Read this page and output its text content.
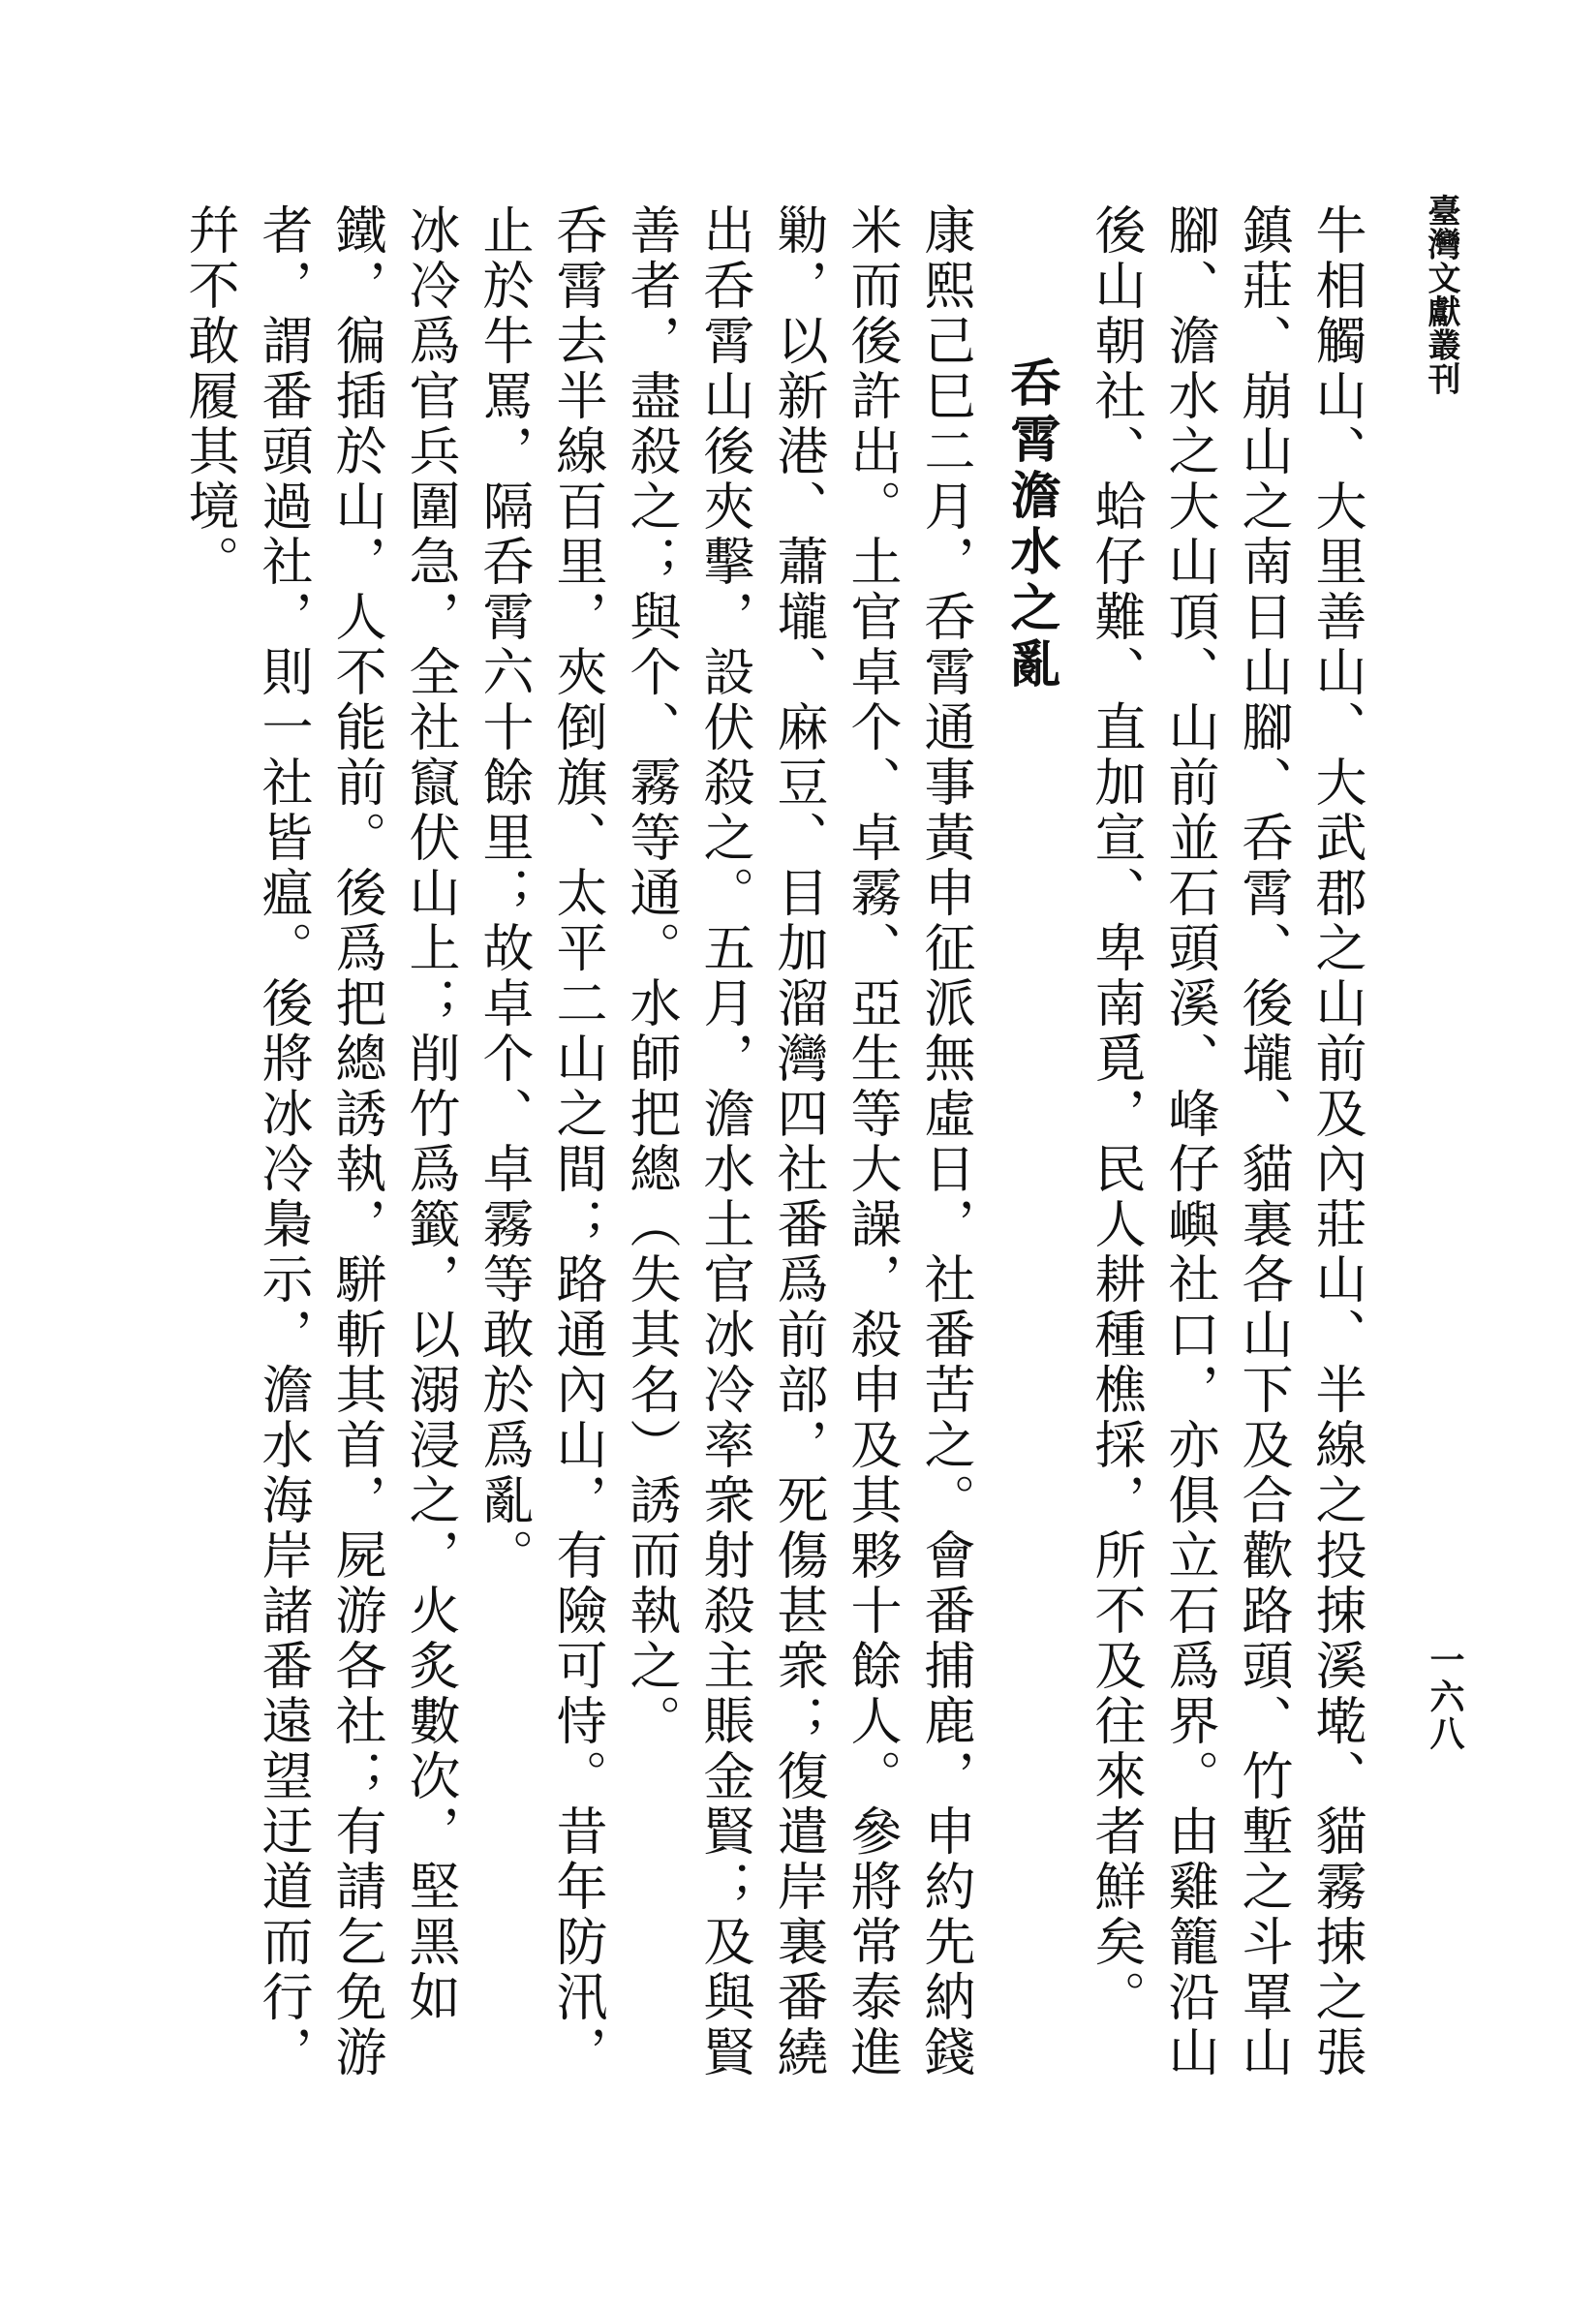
臺灣文獻叢刊
一六八

牛相觸山、大里善山、大武郡之山前及內莊山、半線之投捒溪墘、貓霧捒之張鎮莊、崩山之南日山腳、呑霄、後壠、貓裏各山下及合歡路頭、竹塹之斗罩山腳、澹水之大山頂、山前並石頭溪、峰仔嶼社口，亦俱立石爲界。由雞籠沿山後山朝社、蛤仔難、直加宣、卑南覓，民人耕種樵採，所不及往來者鮮矣。

呑霄澹水之亂

康熙己巳二月，呑霄通事黃申征派無虛日，社番苦之。會番捕鹿，申約先納錢米而後許出。土官卓个、卓霧、亞生等大譟，殺申及其夥十餘人。參將常泰進勦，以新港、蕭壠、麻豆、目加溜灣四社番爲前部，死傷甚衆；復遣岸裏番繞出呑霄山後夾擊，設伏殺之。五月，澹水土官冰冷率衆射殺主賬金賢；及與賢善者，盡殺之；與个、霧等通。水師把總（失其名）誘而執之。

呑霄去半線百里，夾倒旗、太平二山之間；路通內山，有險可恃。昔年防汛，止於牛罵，隔呑霄六十餘里；故卓个、卓霧等敢於爲亂。

冰冷爲官兵圍急，全社竄伏山上；削竹爲籤，以溺浸之，火炙數次，堅黑如鐵，徧插於山，人不能前。後爲把總誘執，駢斬其首，屍游各社；有請乞免游者，謂番頭過社，則一社皆瘟。後將冰冷梟示，澹水海岸諸番遠望迂道而行，幷不敢履其境。
